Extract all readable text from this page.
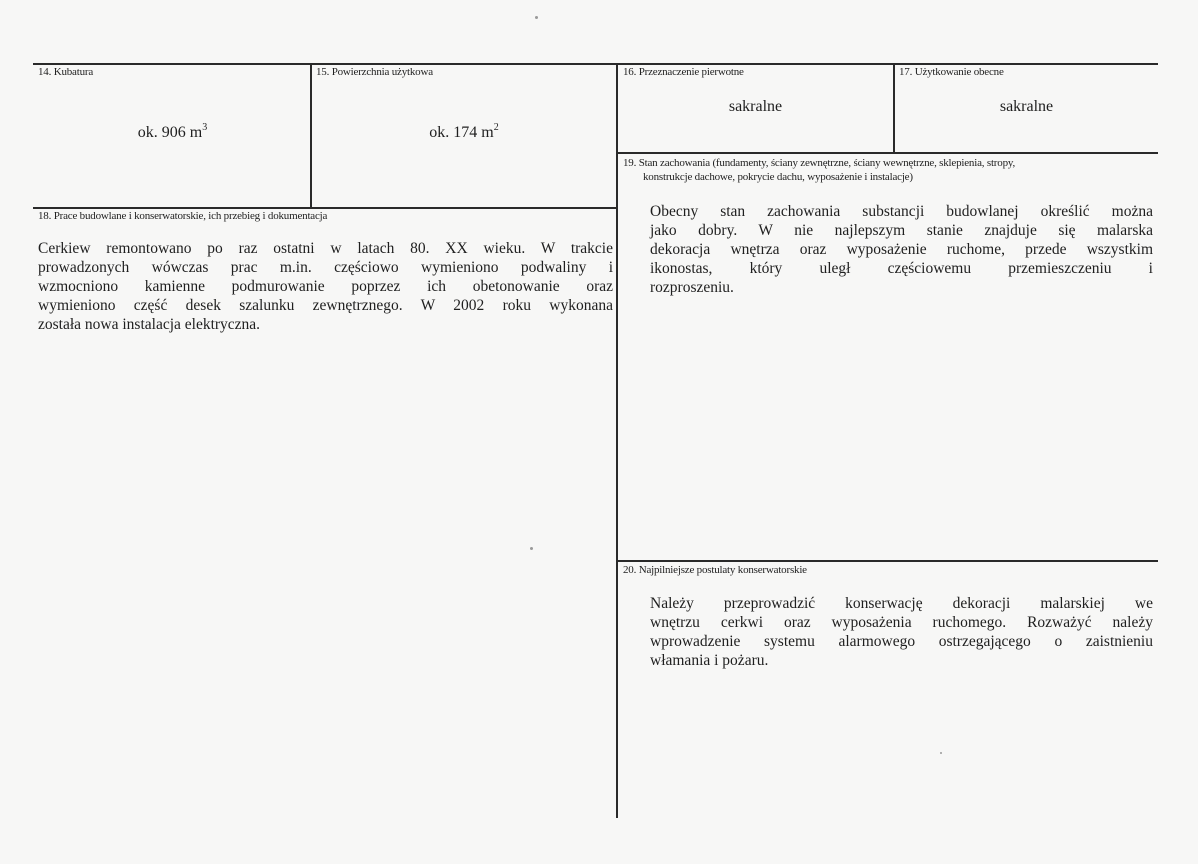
14. Kubatura
ok. 906 $m^3$
15. Powierzchnia użytkowa
ok. 174 $m^2$
16. Przeznaczenie pierwotne
sakralne
17. Użytkowanie obecne
sakralne
19. Stan zachowania (fundamenty, ściany zewnętrzne, ściany wewnętrzne, sklepienia, stropy,
konstrukcje dachowe, pokrycie dachu, wyposażenie i instalacje)
Obecny stan zachowania substancji budowlanej określić można
jako dobry. W nie najlepszym stanie znajduje się malarska
dekoracja wnętrza oraz wyposażenie ruchome, przede wszystkim
ikonostas, który uległ częściowemu przemieszczeniu i
rozproszeniu.
18. Prace budowlane i konserwatorskie, ich przebieg i dokumentacja
Cerkiew remontowano po raz ostatni w latach 80. XX wieku. W trakcie
prowadzonych wówczas prac m.in. częściowo wymieniono podwaliny i
wzmocniono kamienne podmurowanie poprzez ich obetonowanie oraz
wymieniono część desek szalunku zewnętrznego. W 2002 roku wykonana
została nowa instalacja elektryczna.
20. Najpilniejsze postulaty konserwatorskie
Należy przeprowadzić konserwację dekoracji malarskiej we
wnętrzu cerkwi oraz wyposażenia ruchomego. Rozważyć należy
wprowadzenie systemu alarmowego ostrzegającego o zaistnieniu
włamania i pożaru.
